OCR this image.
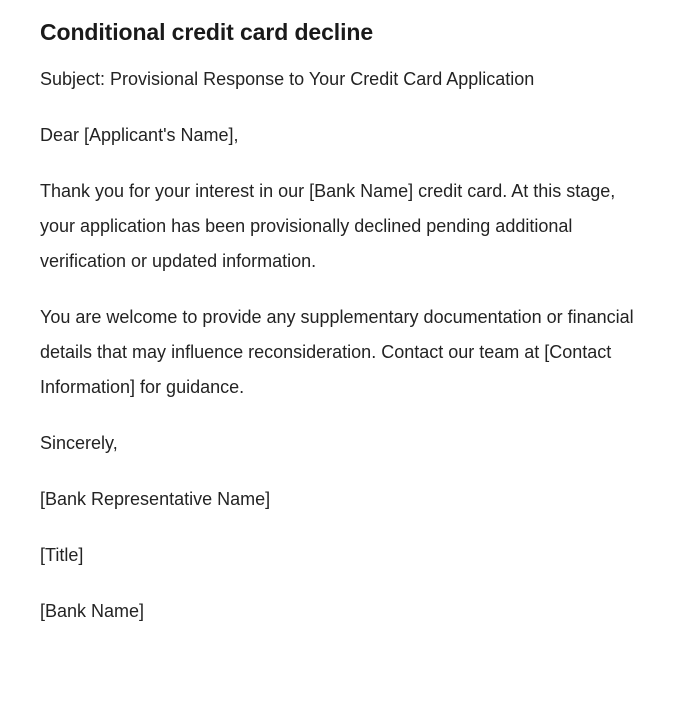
Conditional credit card decline

Subject: Provisional Response to Your Credit Card Application

Dear [Applicant's Name],

Thank you for your interest in our [Bank Name] credit card. At this stage, your application has been provisionally declined pending additional verification or updated information.

You are welcome to provide any supplementary documentation or financial details that may influence reconsideration. Contact our team at [Contact Information] for guidance.

Sincerely,

[Bank Representative Name]

[Title]

[Bank Name]
